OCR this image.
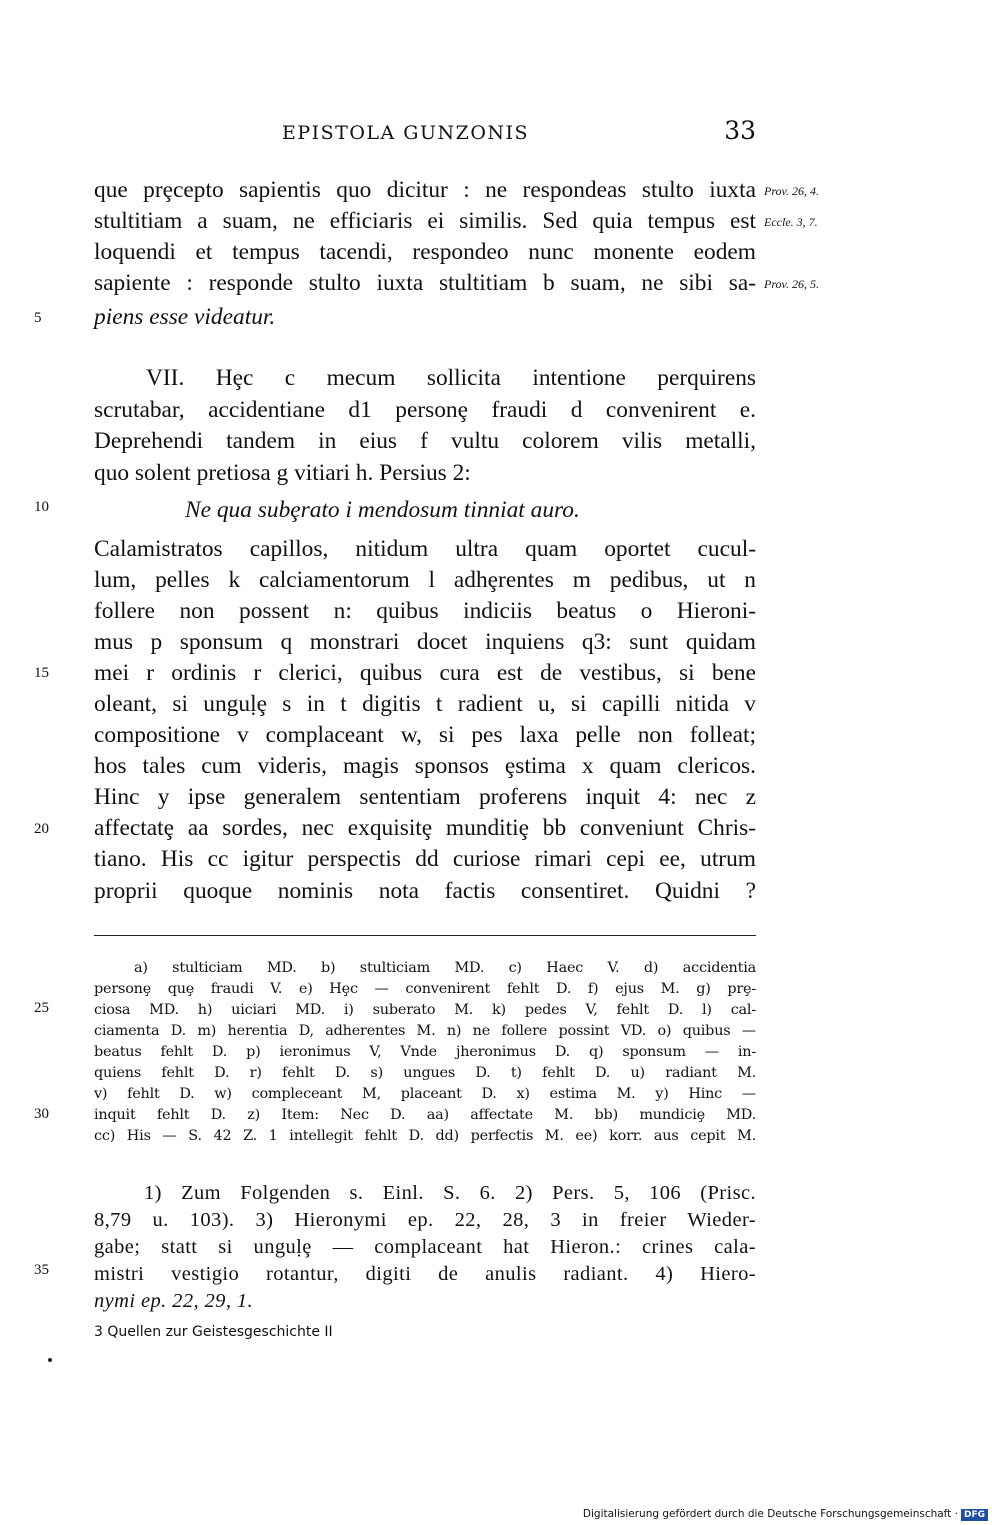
EPISTOLA GUNZONIS	33
Prov. 26, 4.
Eccle. 3, 7.
Prov. 26, 5.
5
10
15
20
25
30
35
que prȩcepto sapientis quo dicitur : ne respondeas stulto iuxta
stultitiam a suam, ne efficiaris ei similis. Sed quia tempus est
loquendi et tempus tacendi, respondeo nunc monente eodem
sapiente : responde stulto iuxta stultitiam b suam, ne sibi sa-
piens esse videatur.
VII. Hȩc c mecum sollicita intentione perquirens
scrutabar, accidentiane d1 personȩ fraudi d convenirent e.
Deprehendi tandem in eius f vultu colorem vilis metalli,
quo solent pretiosa g vitiari h. Persius 2:
Ne qua subȩrato i mendosum tinniat auro.
Calamistratos capillos, nitidum ultra quam oportet cucul-
lum, pelles k calciamentorum l adhȩrentes m pedibus, ut n
follere non possent n: quibus indiciis beatus o Hieroni-
mus p sponsum q monstrari docet inquiens q3: sunt quidam
mei r ordinis r clerici, quibus cura est de vestibus, si bene
oleant, si unguḷȩ s in t digitis t radient u, si capilli nitida v
compositione v complaceant w, si pes laxa pelle non folleat;
hos tales cum videris, magis sponsos ȩstima x quam clericos.
Hinc y ipse generalem sententiam proferens inquit 4: nec z
affectatȩ aa sordes, nec exquisitȩ munditiȩ bb conveniunt Chris-
tiano. His cc igitur perspectis dd curiose rimari cepi ee, utrum
proprii quoque nominis nota factis consentiret. Quidni ?
a) stulticiam MD. b) stulticiam MD. c) Haec V. d) accidentia
personȩ quȩ fraudi V. e) Hȩc — convenirent fehlt D. f) ejus M. g) prȩ-
ciosa MD. h) uiciari MD. i) suberato M. k) pedes V, fehlt D. l) cal-
ciamenta D. m) herentia D, adherentes M. n) ne follere possint VD. o) quibus —
beatus fehlt D. p) ieronimus V, Vnde jheronimus D. q) sponsum — in-
quiens fehlt D. r) fehlt D. s) ungues D. t) fehlt D. u) radiant M.
v) fehlt D. w) compleceant M, placeant D. x) estima M. y) Hinc —
inquit fehlt D. z) Item: Nec D. aa) affectate M. bb) mundiciȩ MD.
cc) His — S. 42 Z. 1 intellegit fehlt D. dd) perfectis M. ee) korr. aus cepit M.
1) Zum Folgenden s. Einl. S. 6. 2) Pers. 5, 106 (Prisc.
8,79 u. 103). 3) Hieronymi ep. 22, 28, 3 in freier Wieder-
gabe; statt si unguḷȩ — complaceant hat Hieron.: crines cala-
mistri vestigio rotantur, digiti de anulis radiant. 4) Hiero-
nymi ep. 22, 29, 1.
3 Quellen zur Geistesgeschichte II
Digitalisierung gefördert durch die Deutsche Forschungsgemeinschaft · DFG
